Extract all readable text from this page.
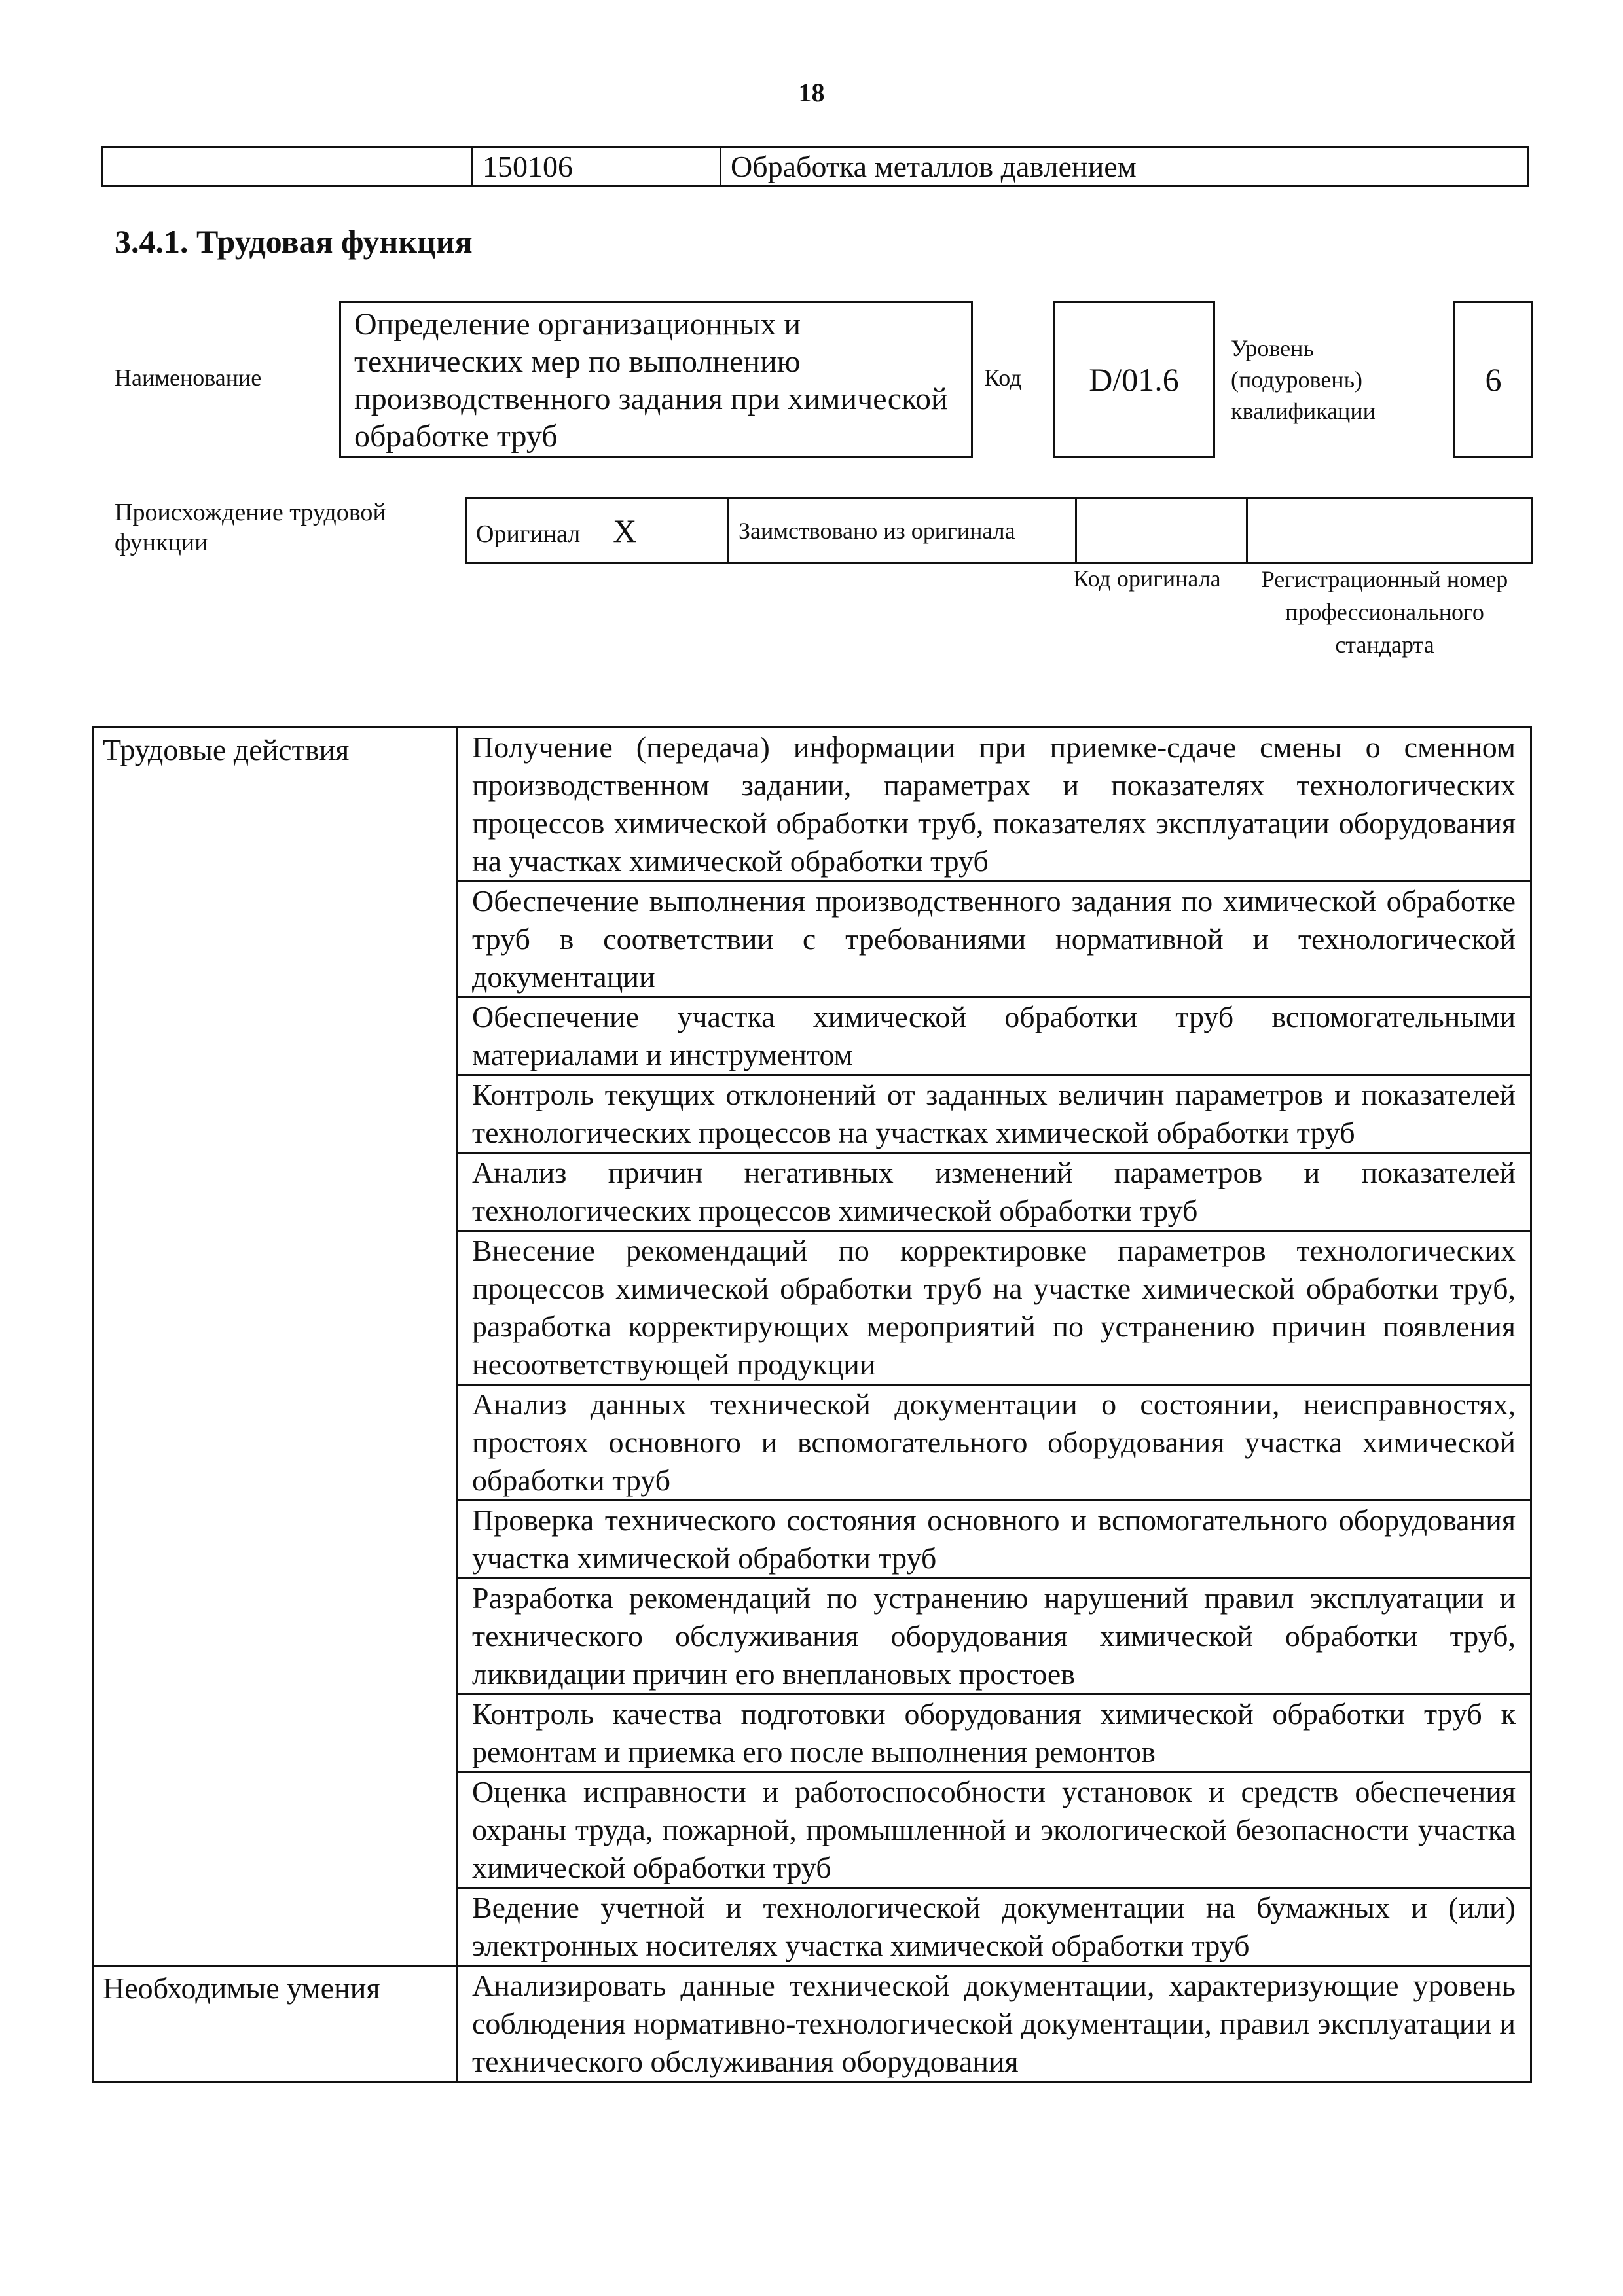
18
	150106	Обработка металлов давлением
3.4.1. Трудовая функция
Наименование
Определение организационных и технических мер по выполнению производственного задания при химической обработке труб
Код	D/01.6
Уровень (подуровень) квалификации
6
Происхождение трудовой функции	Оригинал X	Заимствовано из оригинала		
Код оригинала	Регистрационный номер профессионального стандарта
Трудовые действия	Получение (передача) информации при приемке-сдаче смены о сменном производственном задании, параметрах и показателях технологических процессов химической обработки труб, показателях эксплуатации оборудования на участках химической обработки труб
	Обеспечение выполнения производственного задания по химической обработке труб в соответствии с требованиями нормативной и технологической документации
	Обеспечение участка химической обработки труб вспомогательными материалами и инструментом
	Контроль текущих отклонений от заданных величин параметров и показателей технологических процессов на участках химической обработки труб
	Анализ причин негативных изменений параметров и показателей технологических процессов химической обработки труб
	Внесение рекомендаций по корректировке параметров технологических процессов химической обработки труб на участке химической обработки труб, разработка корректирующих мероприятий по устранению причин появления несоответствующей продукции
	Анализ данных технической документации о состоянии, неисправностях, простоях основного и вспомогательного оборудования участка химической обработки труб
	Проверка технического состояния основного и вспомогательного оборудования участка химической обработки труб
	Разработка рекомендаций по устранению нарушений правил эксплуатации и технического обслуживания оборудования химической обработки труб, ликвидации причин его внеплановых простоев
	Контроль качества подготовки оборудования химической обработки труб к ремонтам и приемка его после выполнения ремонтов
	Оценка исправности и работоспособности установок и средств обеспечения охраны труда, пожарной, промышленной и экологической безопасности участка химической обработки труб
	Ведение учетной и технологической документации на бумажных и (или) электронных носителях участка химической обработки труб
Необходимые умения	Анализировать данные технической документации, характеризующие уровень соблюдения нормативно-технологической документации, правил эксплуатации и технического обслуживания оборудования
